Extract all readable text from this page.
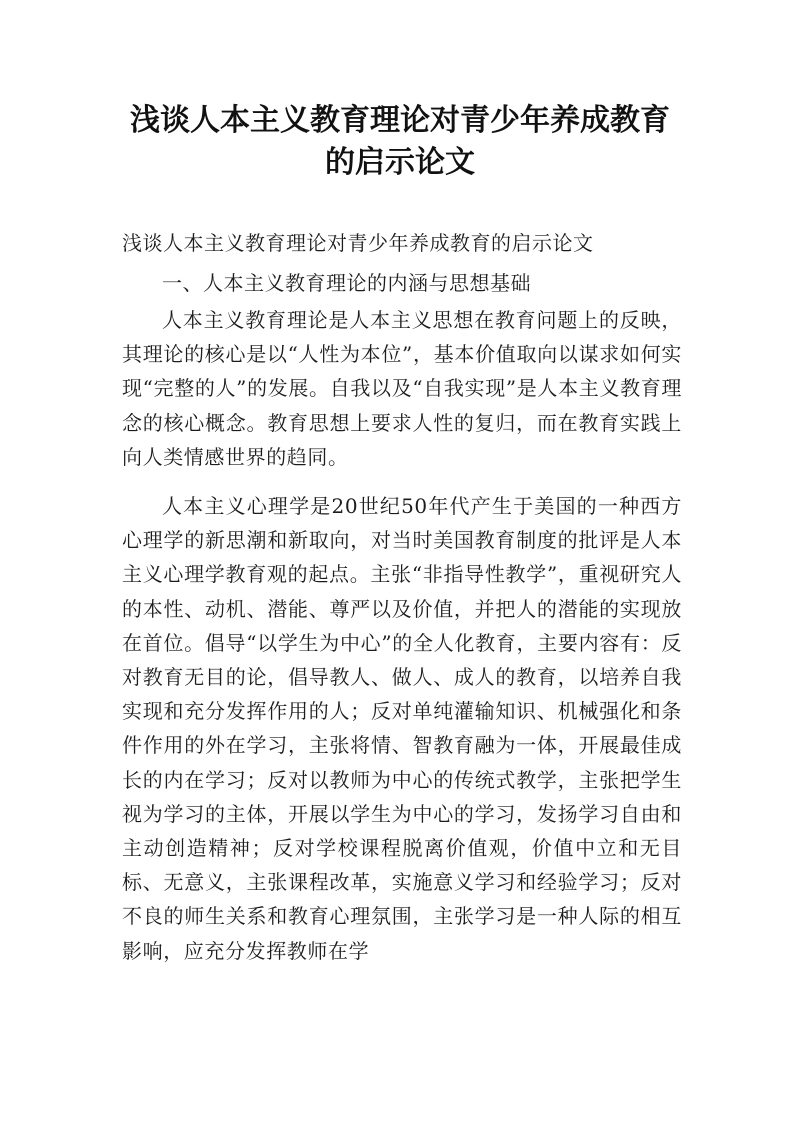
浅谈人本主义教育理论对青少年养成教育
的启示论文

浅谈人本主义教育理论对青少年养成教育的启示论文

一、人本主义教育理论的内涵与思想基础

人本主义教育理论是人本主义思想在教育问题上的反映，其理论的核心是以“人性为本位”，基本价值取向以谋求如何实现“完整的人”的发展。自我以及“自我实现”是人本主义教育理念的核心概念。教育思想上要求人性的复归，而在教育实践上向人类情感世界的趋同。

人本主义心理学是20世纪50年代产生于美国的一种西方心理学的新思潮和新取向，对当时美国教育制度的批评是人本主义心理学教育观的起点。主张“非指导性教学”，重视研究人的本性、动机、潜能、尊严以及价值，并把人的潜能的实现放在首位。倡导“以学生为中心”的全人化教育，主要内容有：反对教育无目的论，倡导教人、做人、成人的教育，以培养自我实现和充分发挥作用的人；反对单纯灌输知识、机械强化和条件作用的外在学习，主张将情、智教育融为一体，开展最佳成长的内在学习；反对以教师为中心的传统式教学，主张把学生视为学习的主体，开展以学生为中心的学习，发扬学习自由和主动创造精神；反对学校课程脱离价值观，价值中立和无目标、无意义，主张课程改革，实施意义学习和经验学习；反对不良的师生关系和教育心理氛围，主张学习是一种人际的相互影响，应充分发挥教师在学
